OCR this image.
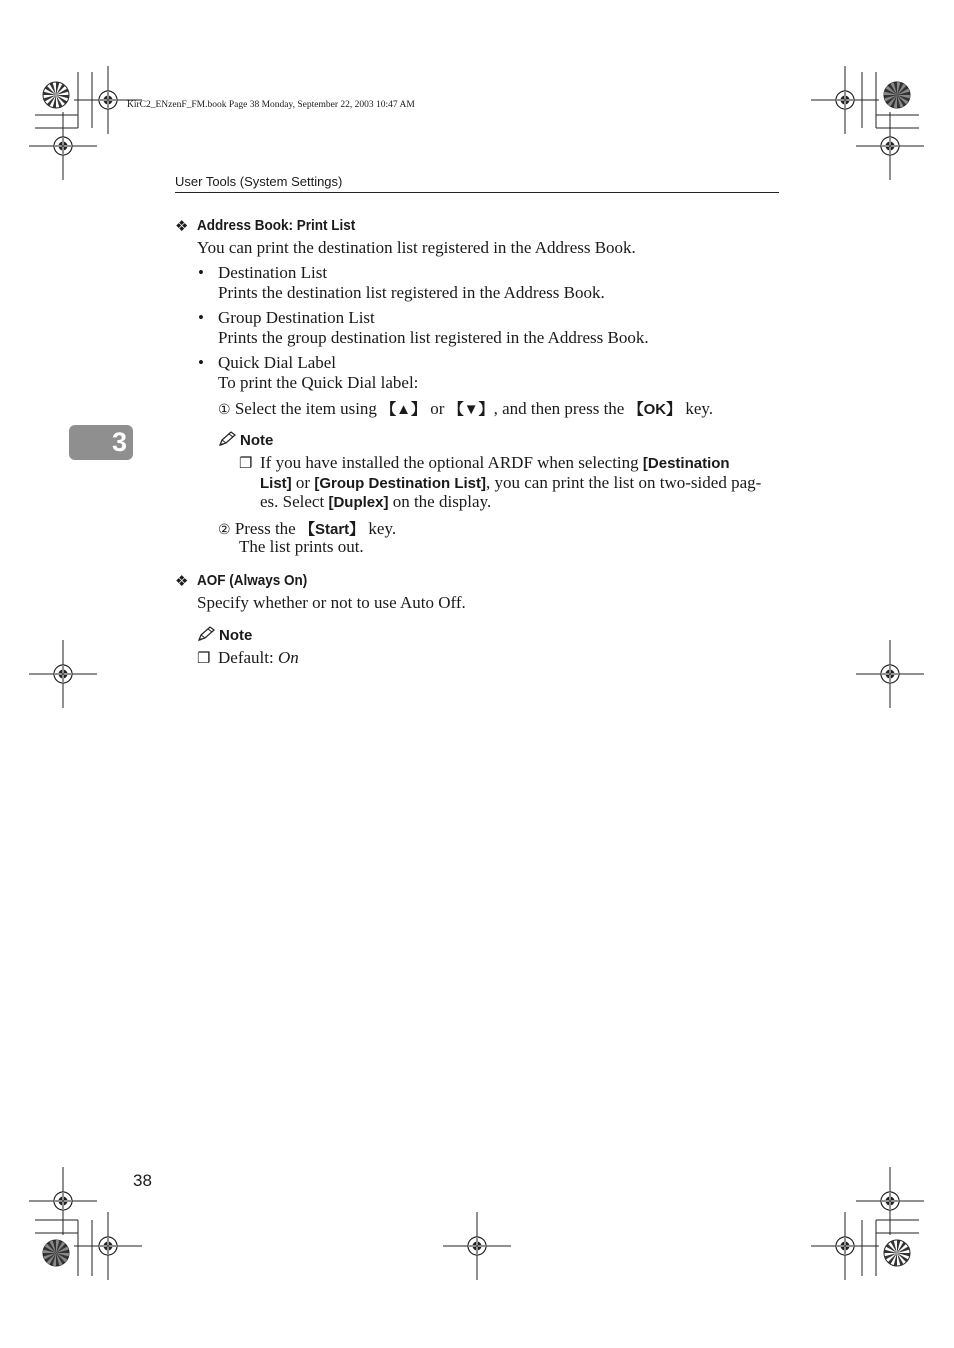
KirC2_ENzenF_FM.book Page 38 Monday, September 22, 2003 10:47 AM
User Tools (System Settings)
3
❖ Address Book: Print List
You can print the destination list registered in the Address Book.
• Destination List
Prints the destination list registered in the Address Book.
• Group Destination List
Prints the group destination list registered in the Address Book.
• Quick Dial Label
To print the Quick Dial label:
① Select the item using 【▲】 or 【▼】, and then press the 【OK】 key.
Note
❐ If you have installed the optional ARDF when selecting [Destination
List] or [Group Destination List], you can print the list on two-sided pag-
es. Select [Duplex] on the display.
② Press the 【Start】 key.
The list prints out.
❖ AOF (Always On)
Specify whether or not to use Auto Off.
Note
❐ Default: On
38
